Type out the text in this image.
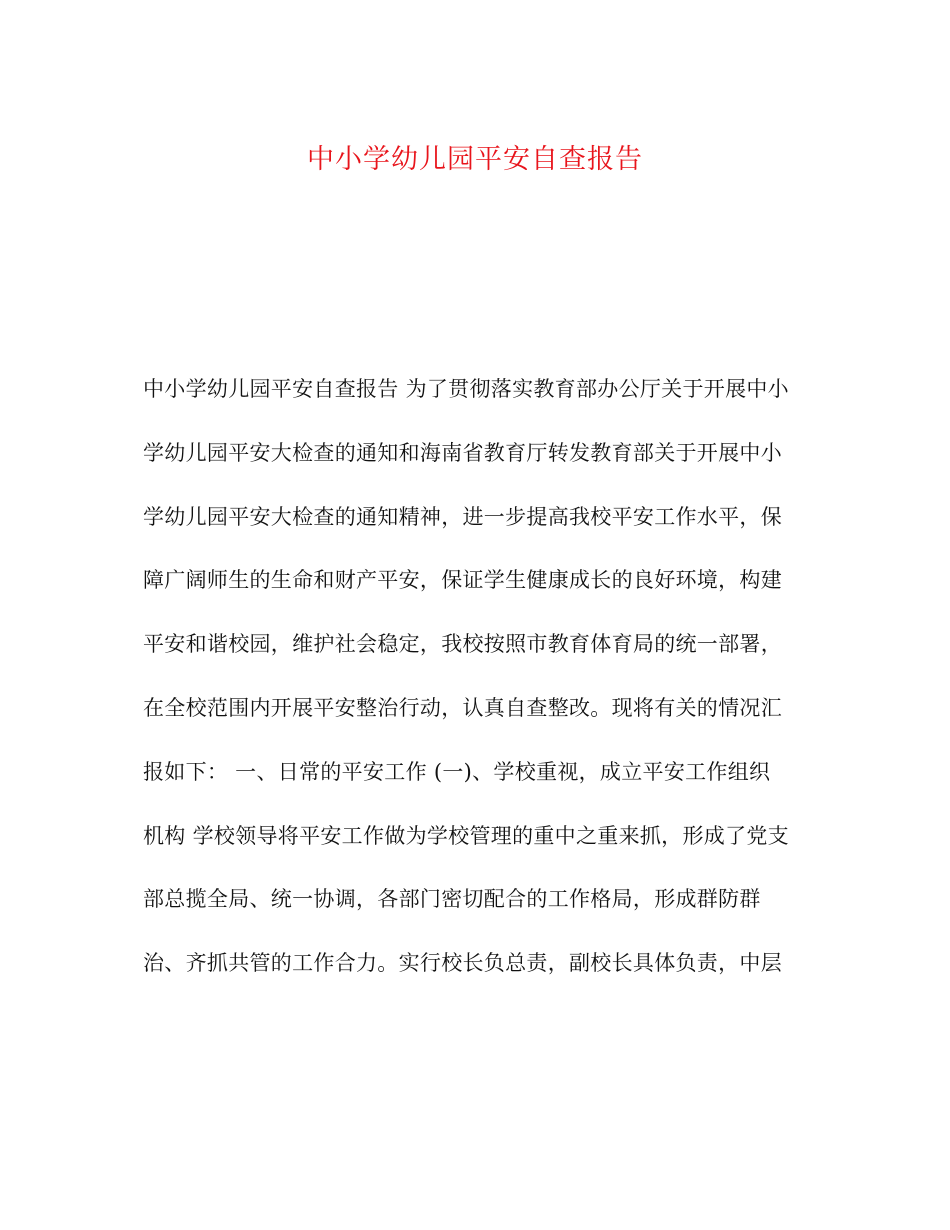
中小学幼儿园平安自查报告
中小学幼儿园平安自查报告 为了贯彻落实教育部办公厅关于开展中小
学幼儿园平安大检查的通知和海南省教育厅转发教育部关于开展中小
学幼儿园平安大检查的通知精神，进一步提高我校平安工作水平，保
障广阔师生的生命和财产平安，保证学生健康成长的良好环境，构建
平安和谐校园，维护社会稳定，我校按照市教育体育局的统一部署，
在全校范围内开展平安整治行动，认真自查整改。现将有关的情况汇
报如下： 一、日常的平安工作 (一)、学校重视，成立平安工作组织
机构 学校领导将平安工作做为学校管理的重中之重来抓，形成了党支
部总揽全局、统一协调，各部门密切配合的工作格局，形成群防群
治、齐抓共管的工作合力。实行校长负总责，副校长具体负责，中层
